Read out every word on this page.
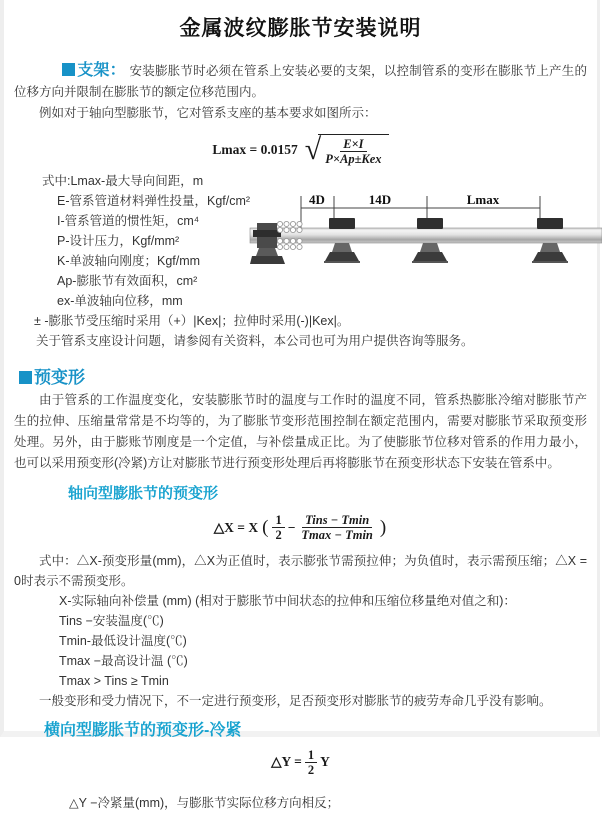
金属波纹膨胀节安装说明

支架： 安装膨胀节时必须在管系上安装必要的支架，以控制管系的变形在膨胀节上产生的位移方向并限制在膨胀节的额定位移范围内。

例如对于轴向型膨胀节，它对管系支座的基本要求如图所示：

Lmax = 0.0157 √ $\frac{E\times I}{\text{P×Ap±Kex}}$
式中:Lmax-最大导向间距，m
E-管系管道材料弹性投量，Kgf/cm²
I-管系管道的惯性矩，cm⁴
P-设计压力，Kgf/mm²
K-单波轴向刚度；Kgf/mm
Ap-膨胀节有效面积，cm²
ex-单波轴向位移，mm
± -膨胀节受压缩时采用（+）|Kex|；拉伸时采用(-)|Kex|。
关于管系支座设计问题，请参阅有关资料，本公司也可为用户提供咨询等服务。
4D	14D	Lmax
预变形

由于管系的工作温度变化，安装膨胀节时的温度与工作时的温度不同，管系热膨胀冷缩对膨胀节产生的拉伸、压缩量常常是不均等的，为了膨胀节变形范围控制在额定范围内，需要对膨胀节采取预变形处理。另外，由于膨账节刚度是一个定值，与补偿量成正比。为了使膨胀节位移对管系的作用力最小，也可以采用预变形(冷紧)方让对膨胀节进行预变形处理后再将膨胀节在预变形状态下安装在管系中。

轴向型膨胀节的预变形
△X = X ( $\frac{1}{2} - \frac{\text{Tins − Tmin}}{Tmax - Tmin}$ )
式中：△X-预变形量(mm)，△X为正值时，表示膨张节需预拉伸；为负值时，表示需预压缩；△X = 0时表示不需预变形。
X-实际轴向补偿量 (mm) (相对于膨胀节中间状态的拉伸和压缩位移量绝对值之和)：
Tins −安装温度(℃)
Tmin-最低设计温度(℃)
Tmax −最高设计温 (℃)
Tmax > Tins ≥ Tmin
一般变形和受力情况下，不一定进行预变形，足否预变形对膨胀节的疲劳寿命几乎没有影响。
横向型膨胀节的预变形-冷紧
△Y = $\frac{1}{2}$ Y
△Y −冷紧量(mm)，与膨胀节实际位移方向相反；
